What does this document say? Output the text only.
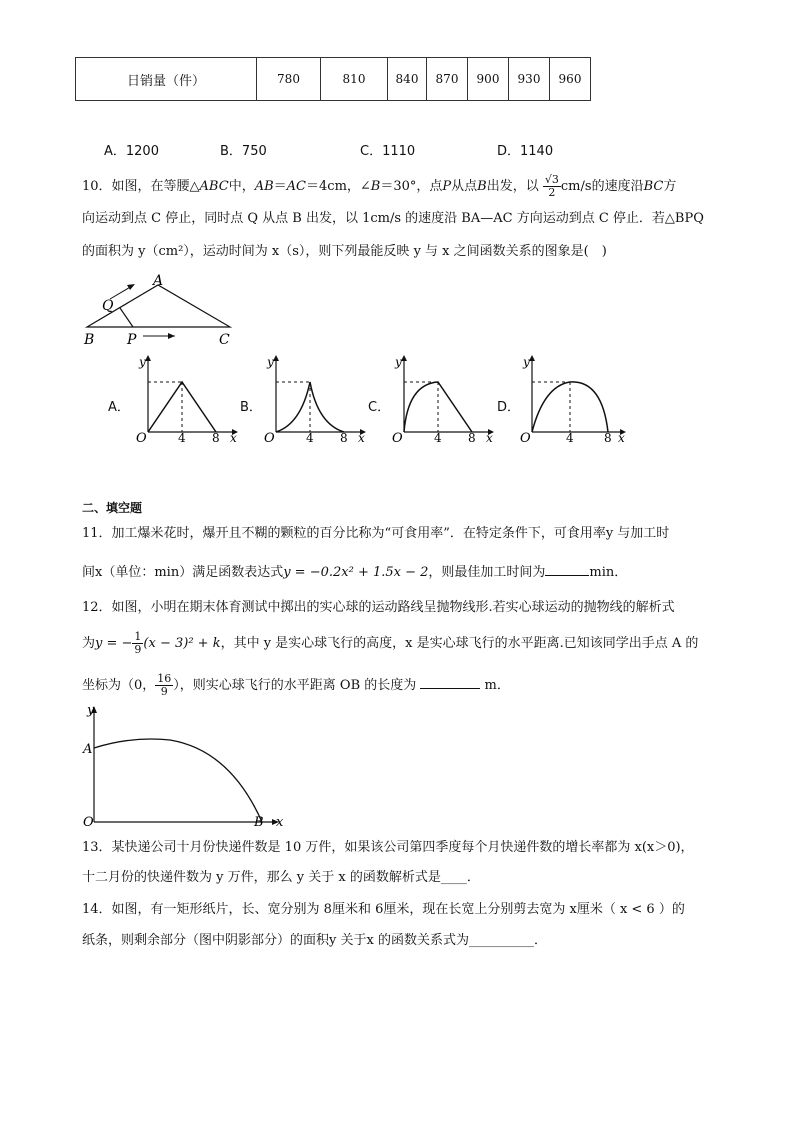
日销量（件）	780	810	840	870	900	930	960
A．1200	B．750	C．1110	D．1140
10．如图，在等腰△ABC中，AB＝AC＝4cm，∠B＝30°，点P从点B出发，以 $\frac{√3}{2} cm/s$的速度沿BC方
向运动到点 C 停止，同时点 Q 从点 B 出发，以 1cm/s 的速度沿 BA—AC 方向运动到点 C 停止．若△BPQ
的面积为 y（cm²），运动时间为 x（s），则下列最能反映 y 与 x 之间函数关系的图象是(　)
A
B	C
P
Q
A．	B．	C．	D．
y
O	4 8 x
y
O	4 8 x
y
O	4 8 x
y
O	4	8 x
二、填空题
11．加工爆米花时，爆开且不糊的颗粒的百分比称为“可食用率”．在特定条件下，可食用率y 与加工时
间x（单位：min）满足函数表达式y = −0.2x² + 1.5x − 2，则最佳加工时间为	min．
12．如图，小明在期末体育测试中掷出的实心球的运动路线呈抛物线形.若实心球运动的抛物线的解析式
为y = − $\frac{1}{9} (x - 3)^2 + k$，其中 y 是实心球飞行的高度，x 是实心球飞行的水平距离.已知该同学出手点 A 的
坐标为（0， $\frac{16}{9}$ ），则实心球飞行的水平距离 OB 的长度为	m．
y
A
O	B x
13．某快递公司十月份快递件数是 10 万件，如果该公司第四季度每个月快递件数的增长率都为 x(x＞0)，
十二月份的快递件数为 y 万件，那么 y 关于 x 的函数解析式是____．
14．如图，有一矩形纸片，长、宽分别为 8厘米和 6厘米，现在长宽上分别剪去宽为 x厘米（ x < 6 ）的
纸条，则剩余部分（图中阴影部分）的面积y 关于x 的函数关系式为__________．
